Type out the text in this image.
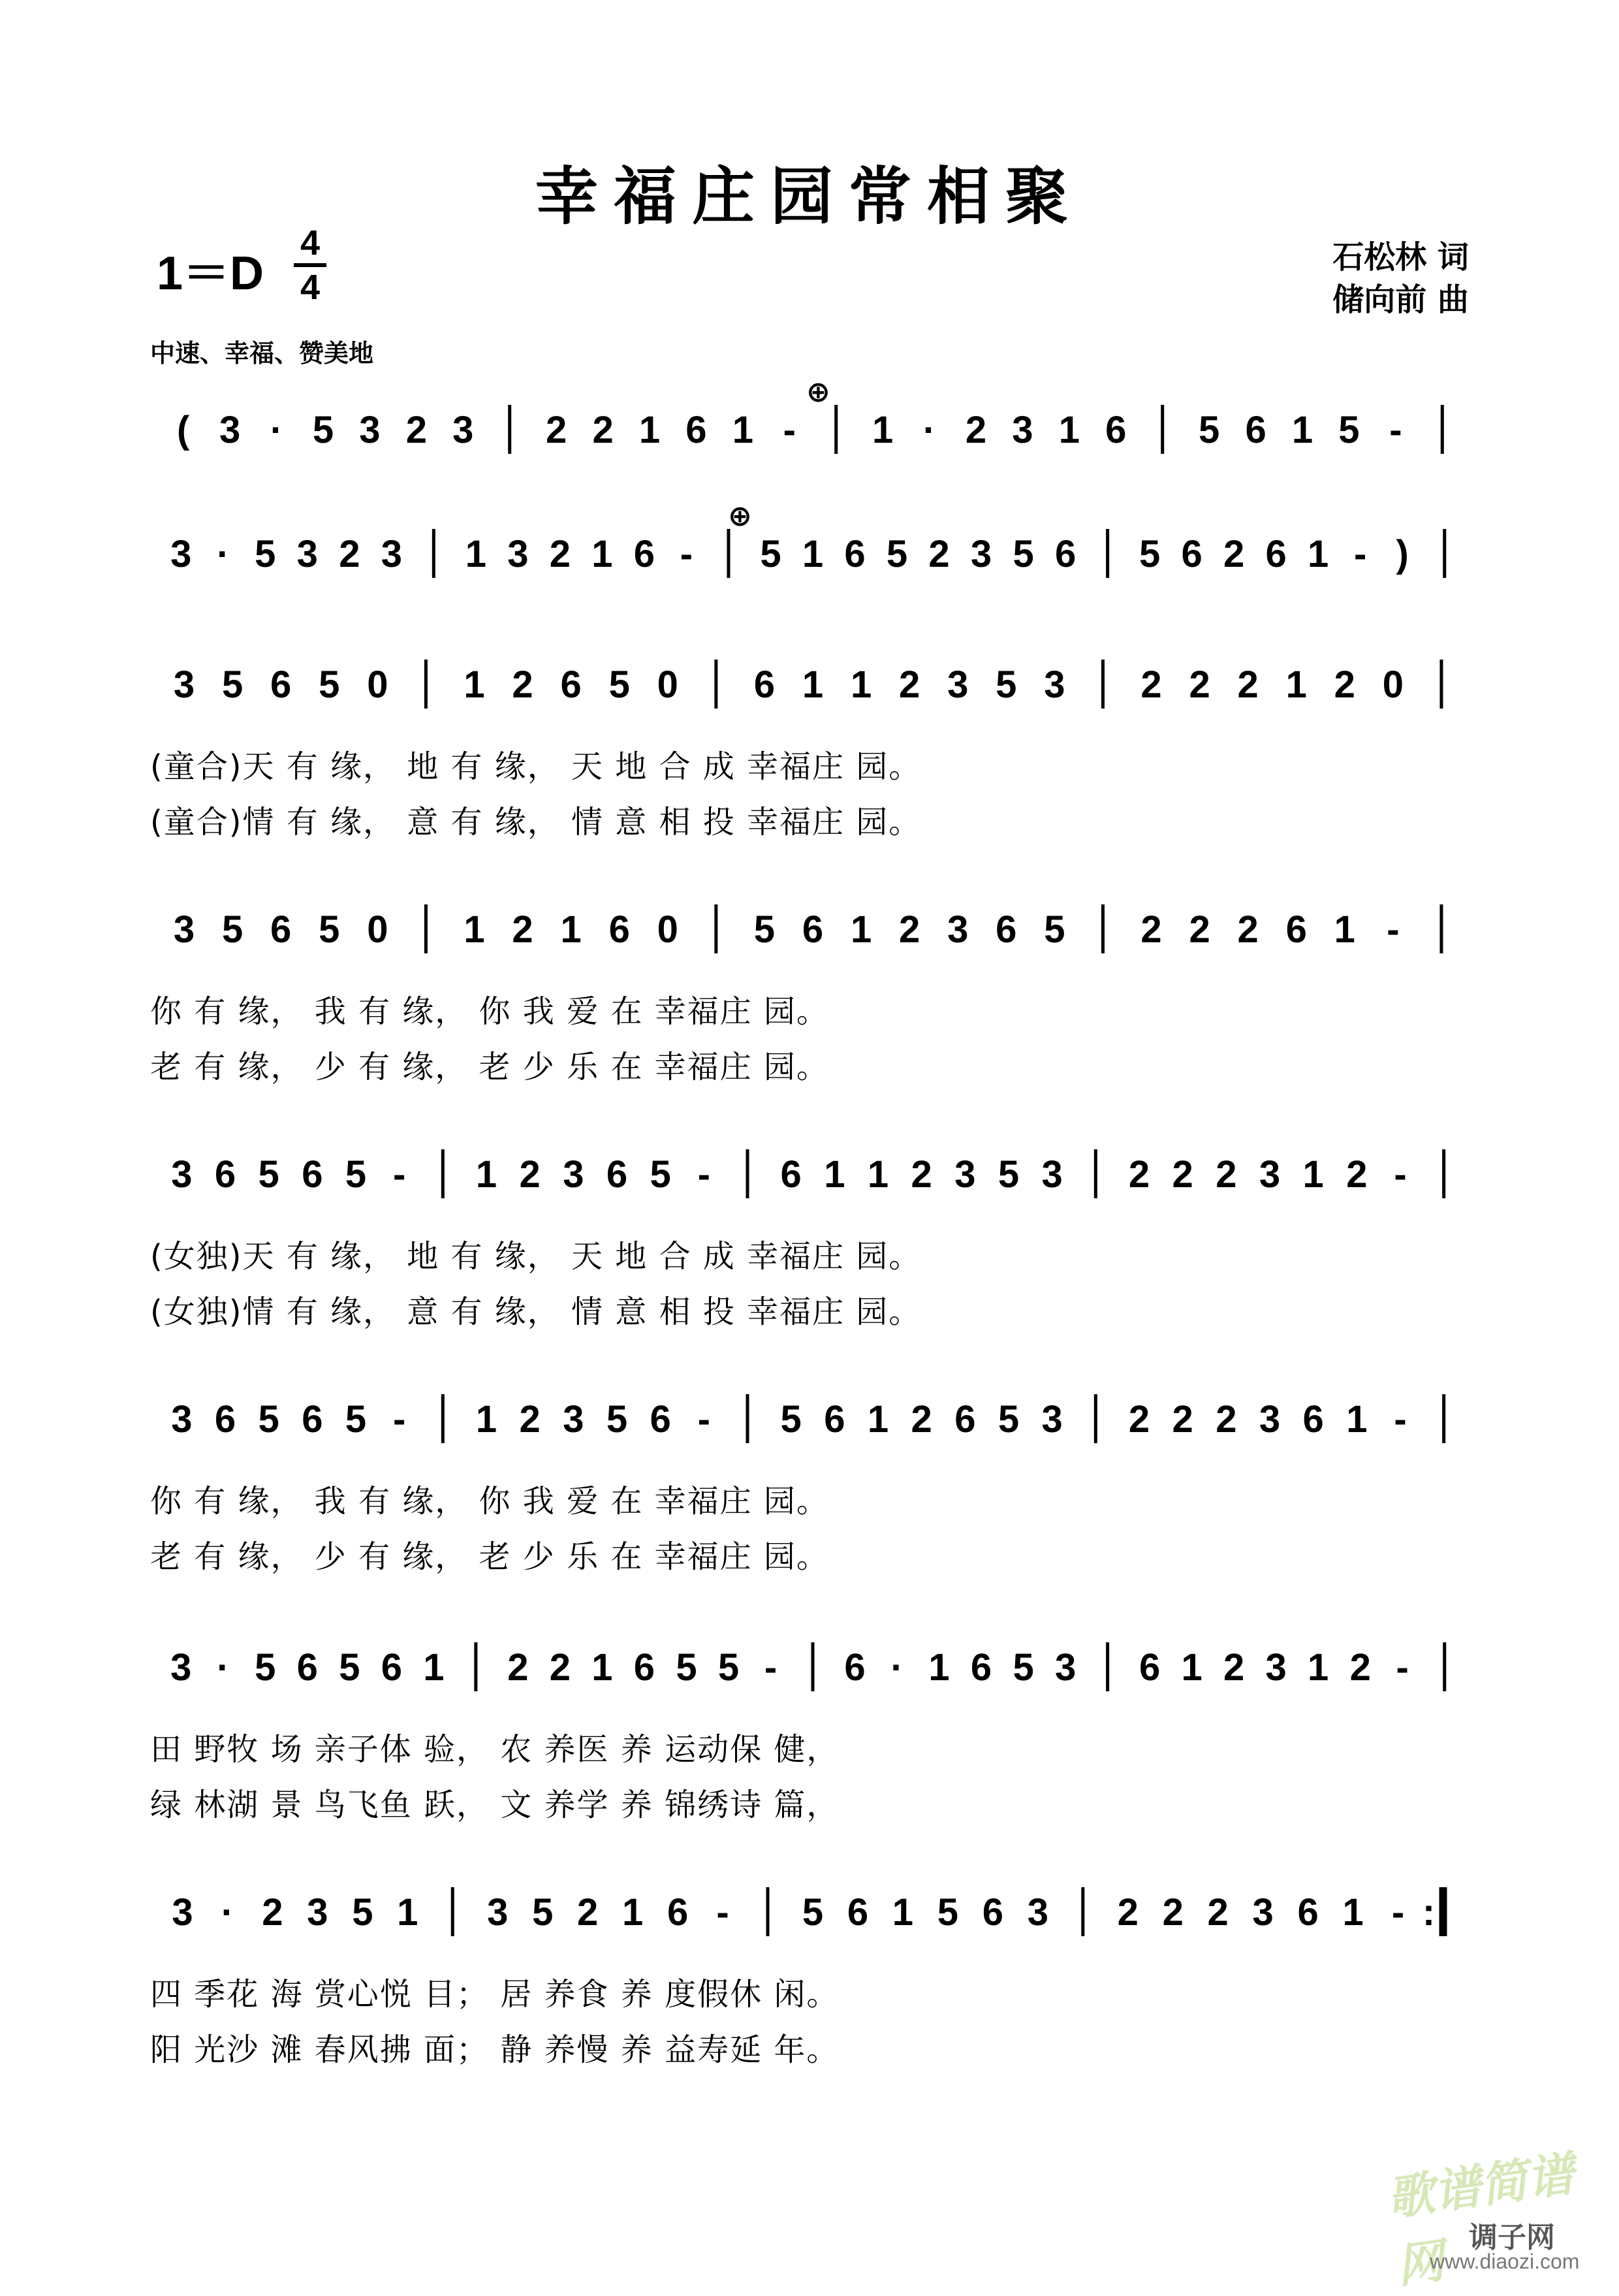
幸福庄园常相聚
1＝D
4
4
石松林 词
储向前 曲
中速、幸福、赞美地
⊕
⊕
( 3 · 5 3 2 3 2 2 1 6 1 - 1 · 2 3 1 6 5 6 1 5 -
3 · 5 3 2 3 1 3 2 1 6 - 5 1 6 5 2 3 5 6 5 6 2 6 1 - )
3 5 6 5 0 1 2 6 5 0 6 1 1 2 3 5 3 2 2 2 1 2 0
(童合)天 有 缘， 地 有 缘， 天 地 合 成 幸福庄 园。
(童合)情 有 缘， 意 有 缘， 情 意 相 投 幸福庄 园。
3 5 6 5 0 1 2 1 6 0 5 6 1 2 3 6 5 2 2 2 6 1 -
你 有 缘， 我 有 缘， 你 我 爱 在 幸福庄 园。
老 有 缘， 少 有 缘， 老 少 乐 在 幸福庄 园。
3 6 5 6 5 - 1 2 3 6 5 - 6 1 1 2 3 5 3 2 2 2 3 1 2 -
(女独)天 有 缘， 地 有 缘， 天 地 合 成 幸福庄 园。
(女独)情 有 缘， 意 有 缘， 情 意 相 投 幸福庄 园。
3 6 5 6 5 - 1 2 3 5 6 - 5 6 1 2 6 5 3 2 2 2 3 6 1 -
你 有 缘， 我 有 缘， 你 我 爱 在 幸福庄 园。
老 有 缘， 少 有 缘， 老 少 乐 在 幸福庄 园。
3 · 5 6 5 6 1 2 2 1 6 5 5 - 6 · 1 6 5 3 6 1 2 3 1 2 -
田 野牧 场 亲子体 验， 农 养医 养 运动保 健，
绿 林湖 景 鸟飞鱼 跃， 文 养学 养 锦绣诗 篇，
3 · 2 3 5 1 3 5 2 1 6 - 5 6 1 5 6 3 2 2 2 3 6 1 - :
四 季花 海 赏心悦 目； 居 养食 养 度假休 闲。
阳 光沙 滩 春风拂 面； 静 养慢 养 益寿延 年。
歌谱简谱网 调子网
www.diaozi.com
